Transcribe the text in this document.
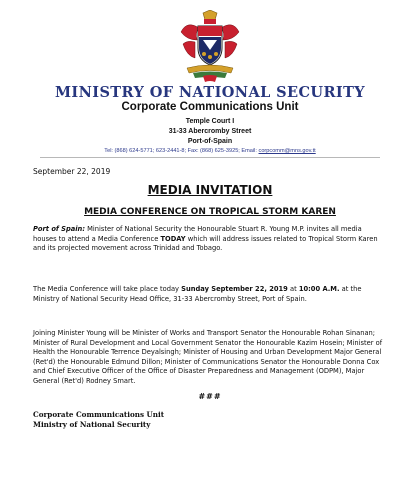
MINISTRY OF NATIONAL SECURITY
Corporate Communications Unit
Temple Court I
31-33 Abercromby Street
Port-of-Spain
Tel: (868) 624-5771; 623-2441-8; Fax: (868) 625-3925; Email: corpcomm@mns.gov.tt
September 22, 2019
MEDIA INVITATION
MEDIA CONFERENCE ON TROPICAL STORM KAREN
Port of Spain: Minister of National Security the Honourable Stuart R. Young M.P. invites all media houses to attend a Media Conference TODAY which will address issues related to Tropical Storm Karen and its projected movement across Trinidad and Tobago.
The Media Conference will take place today Sunday September 22, 2019 at 10:00 A.M. at the Ministry of National Security Head Office, 31-33 Abercromby Street, Port of Spain.
Joining Minister Young will be Minister of Works and Transport Senator the Honourable Rohan Sinanan; Minister of Rural Development and Local Government Senator the Honourable Kazim Hosein; Minister of Health the Honourable Terrence Deyalsingh; Minister of Housing and Urban Development Major General (Ret'd) the Honourable Edmund Dillon; Minister of Communications Senator the Honourable Donna Cox and Chief Executive Officer of the Office of Disaster Preparedness and Management (ODPM), Major General (Ret'd) Rodney Smart.
###
Corporate Communications Unit
Ministry of National Security
